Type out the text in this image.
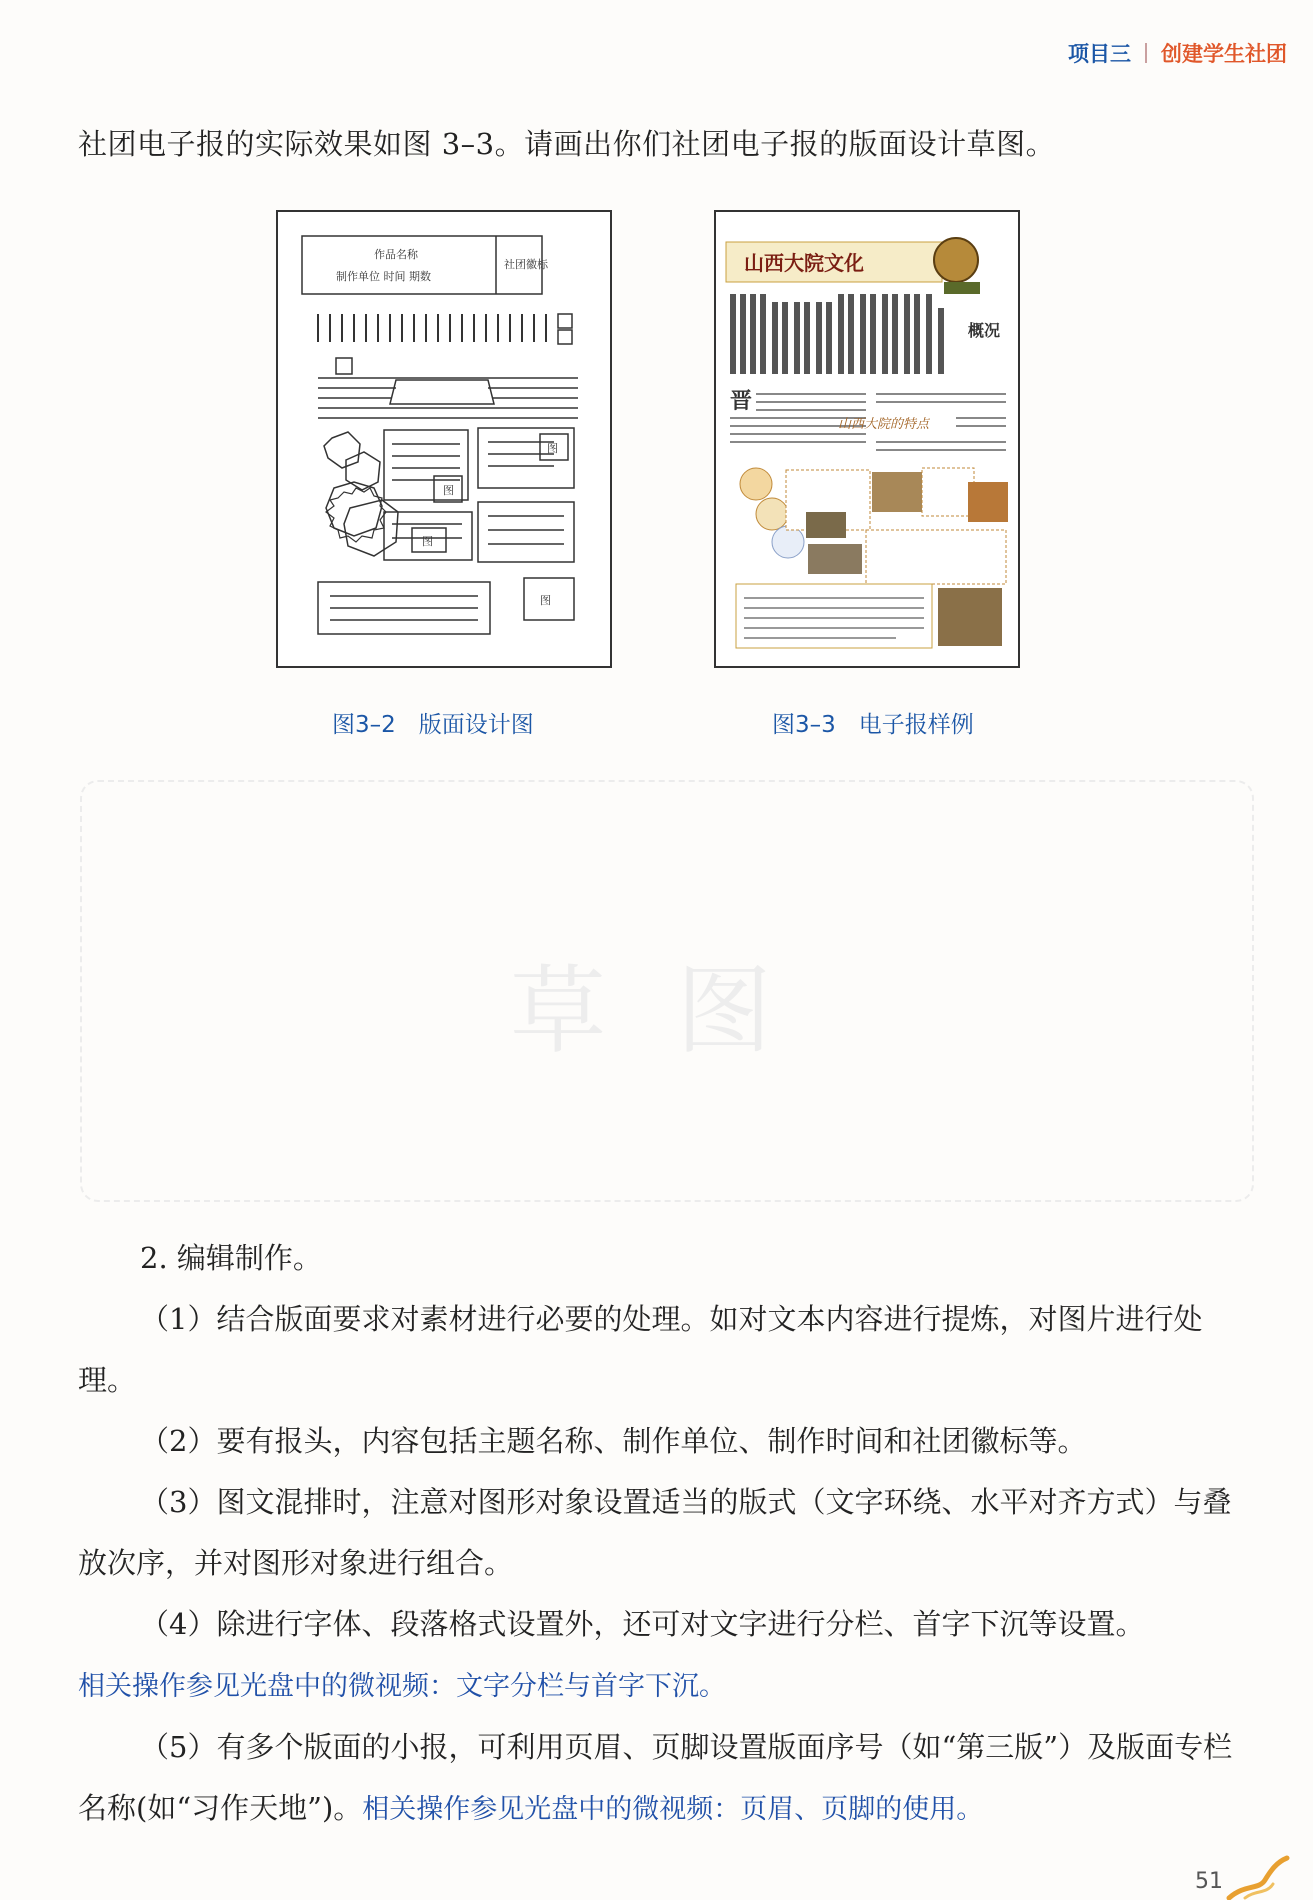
项目三 创建学生社团
社团电子报的实际效果如图 3–3。请画出你们社团电子报的版面设计草图。
作品名称
制作单位 时间 期数
社团徽标
图
图
图
图
山西大院文化
概况
晋
山西大院的特点
图3–2　版面设计图	图3–3　电子报样例
草图

2. 编辑制作。

（1）结合版面要求对素材进行必要的处理。如对文本内容进行提炼，对图片进行处理。

（2）要有报头，内容包括主题名称、制作单位、制作时间和社团徽标等。

（3）图文混排时，注意对图形对象设置适当的版式（文字环绕、水平对齐方式）与叠放次序，并对图形对象进行组合。

（4）除进行字体、段落格式设置外，还可对文字进行分栏、首字下沉等设置。

相关操作参见光盘中的微视频：文字分栏与首字下沉。

（5）有多个版面的小报，可利用页眉、页脚设置版面序号（如“第三版”）及版面专栏名称(如“习作天地”)。相关操作参见光盘中的微视频：页眉、页脚的使用。

51
